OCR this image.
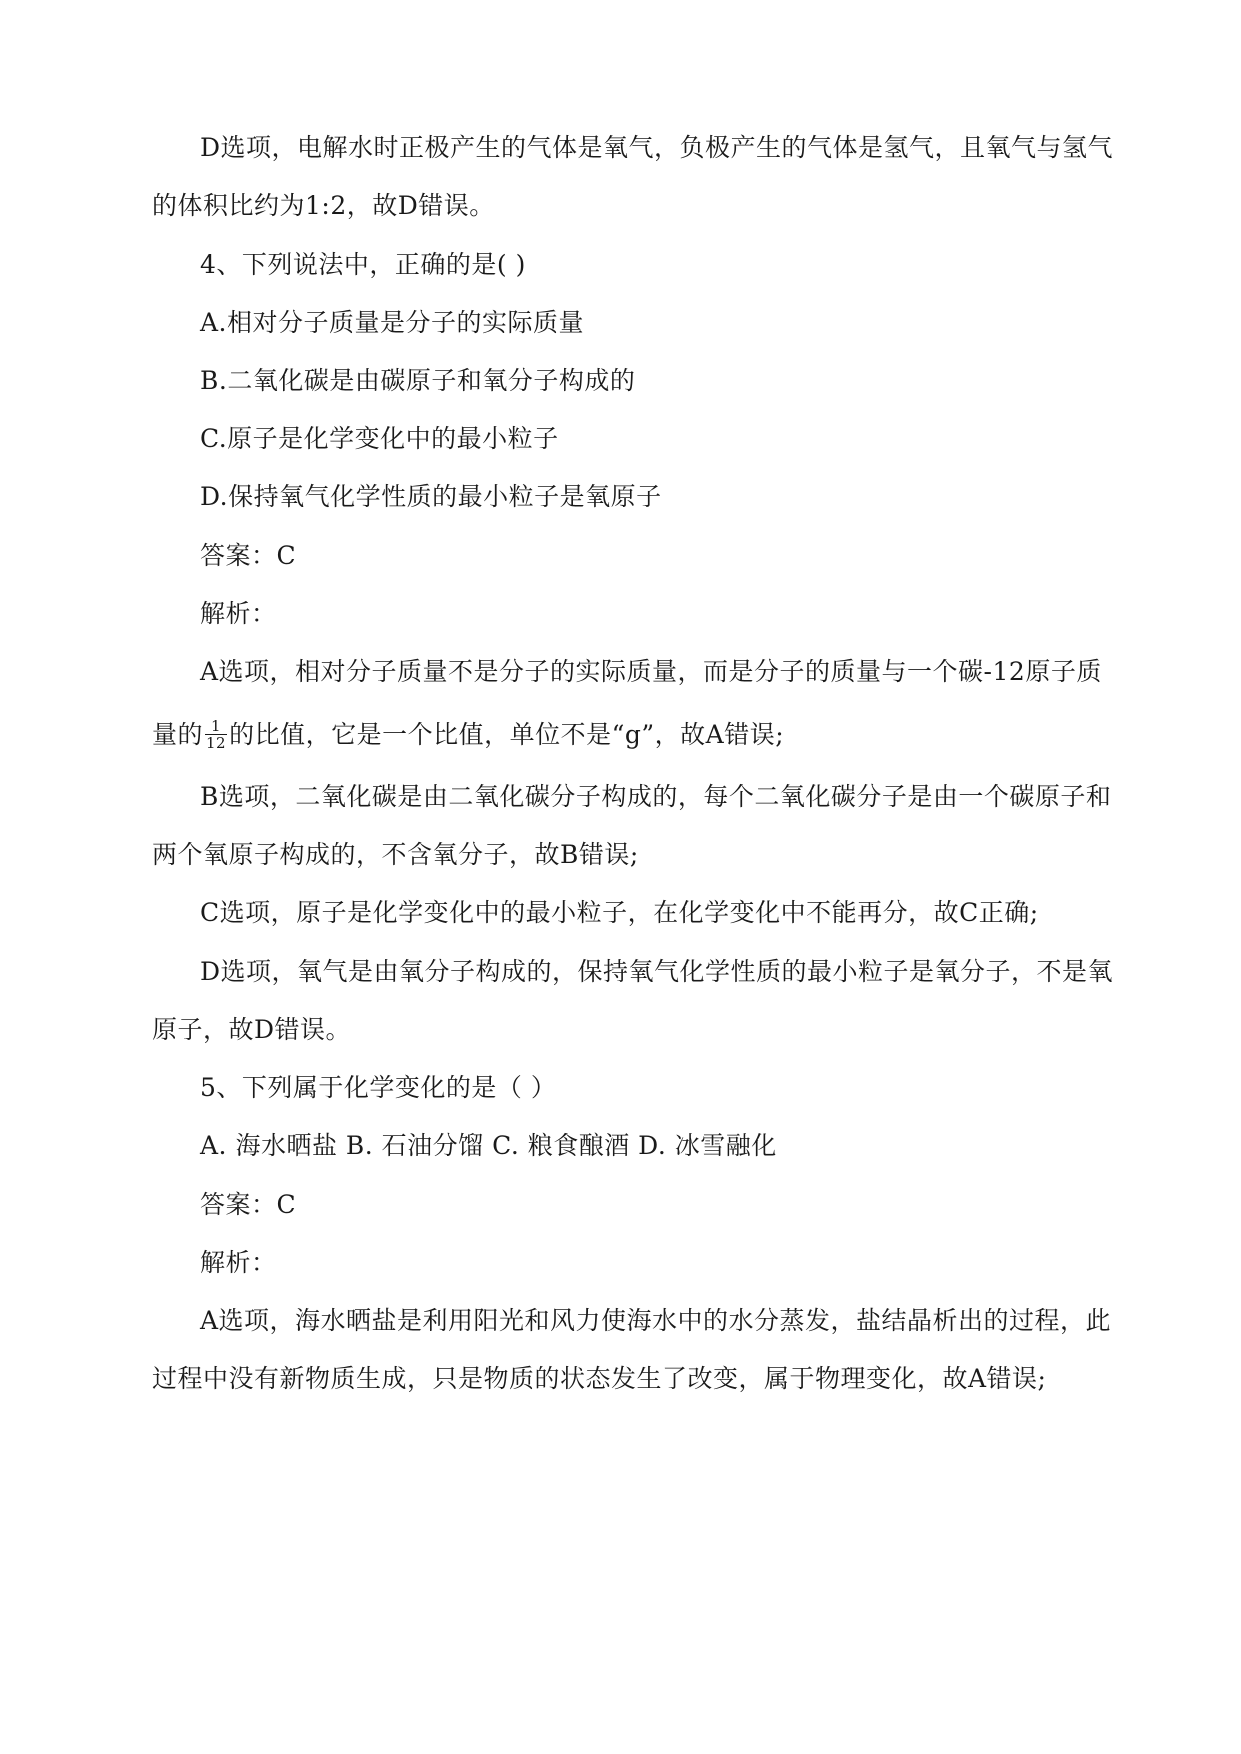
D选项，电解水时正极产生的气体是氧气，负极产生的气体是氢气，且氧气与氢气
的体积比约为1:2，故D错误。
4、下列说法中，正确的是( )
A.相对分子质量是分子的实际质量
B.二氧化碳是由碳原子和氧分子构成的
C.原子是化学变化中的最小粒子
D.保持氧气化学性质的最小粒子是氧原子
答案：C
解析：
A选项，相对分子质量不是分子的实际质量，而是分子的质量与一个碳-12原子质
量的 $\frac{1}{12}$ 的比值，它是一个比值，单位不是“g”，故A错误;
B选项，二氧化碳是由二氧化碳分子构成的，每个二氧化碳分子是由一个碳原子和
两个氧原子构成的，不含氧分子，故B错误;
C选项，原子是化学变化中的最小粒子，在化学变化中不能再分，故C正确;
D选项，氧气是由氧分子构成的，保持氧气化学性质的最小粒子是氧分子，不是氧
原子，故D错误。
5、下列属于化学变化的是（ ）
A. 海水晒盐 B. 石油分馏 C. 粮食酿酒 D. 冰雪融化
答案：C
解析：
A选项，海水晒盐是利用阳光和风力使海水中的水分蒸发，盐结晶析出的过程，此
过程中没有新物质生成，只是物质的状态发生了改变，属于物理变化，故A错误;
